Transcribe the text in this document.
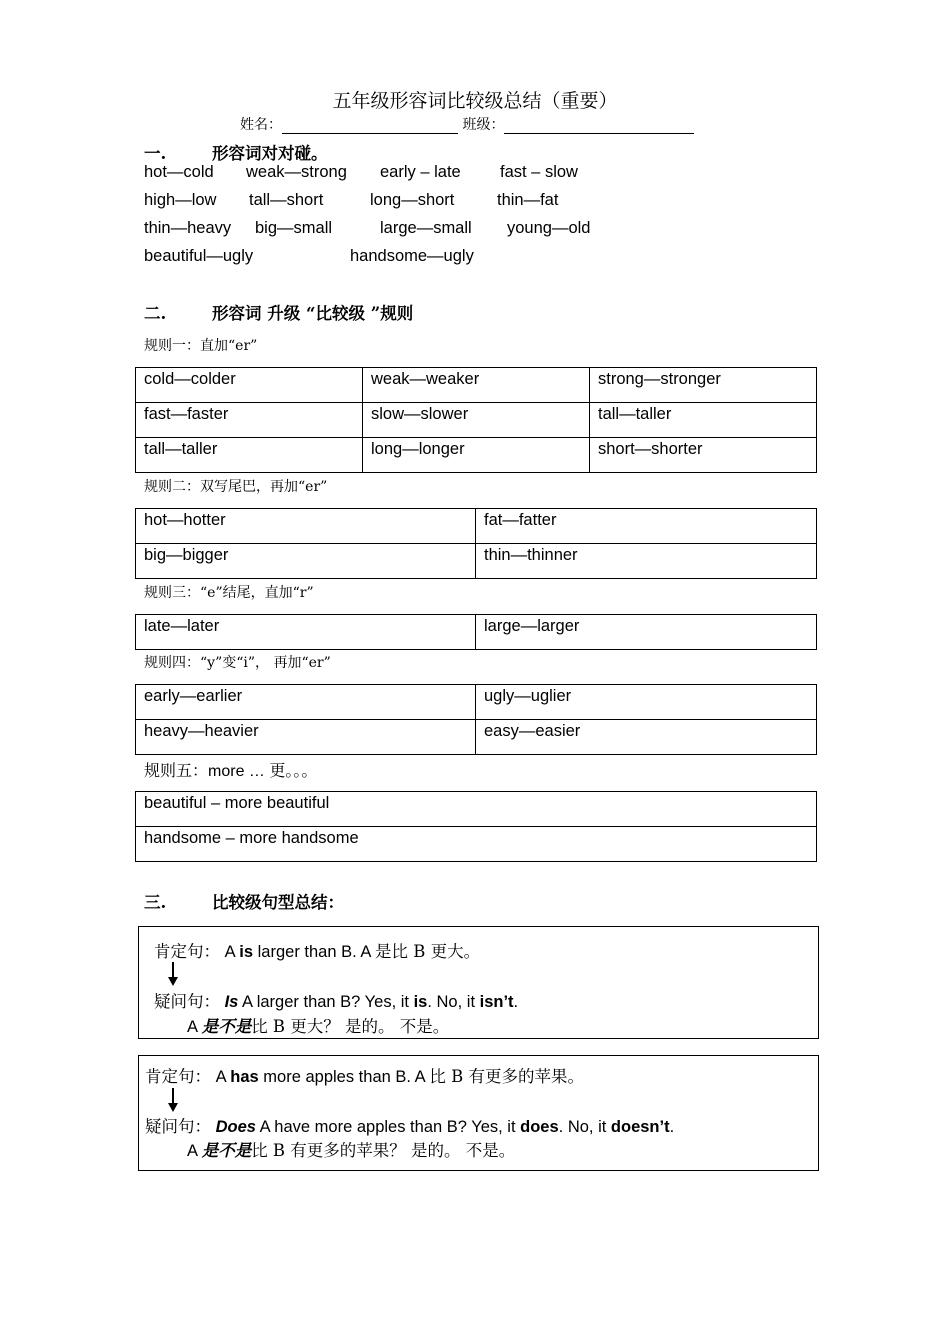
五年级形容词比较级总结（重要）
姓名：	班级：
一.	形容词对对碰。
hot—cold weak—strong early – late fast – slow
high—low tall—short	long—short	thin—fat
thin—heavy big—small	large—small young—old
beautiful—ugly	handsome—ugly
二.	形容词 升级 “比较级 ”规则
规则一：直加“er”
cold—colder	weak—weaker	strong—stronger
fast—faster	slow—slower	tall—taller
tall—taller	long—longer	short—shorter
规则二：双写尾巴，再加“er”
hot—hotter	fat—fatter
big—bigger	thin—thinner
规则三：“e”结尾，直加“r”
late—later	large—larger
规则四：“y”变“i”， 再加“er”
early—earlier	ugly—uglier
heavy—heavier	easy—easier
规则五：more … 更。。。
beautiful – more beautiful
handsome – more handsome
三.	比较级句型总结：
肯定句： A is larger than B. A 是比 B 更大。
疑问句： Is A larger than B? Yes, it is. No, it isn’t.
A 是不是比 B 更大？ 是的。 不是。
肯定句： A has more apples than B. A 比 B 有更多的苹果。
疑问句： Does A have more apples than B? Yes, it does. No, it doesn’t.
A 是不是比 B 有更多的苹果？ 是的。 不是。
